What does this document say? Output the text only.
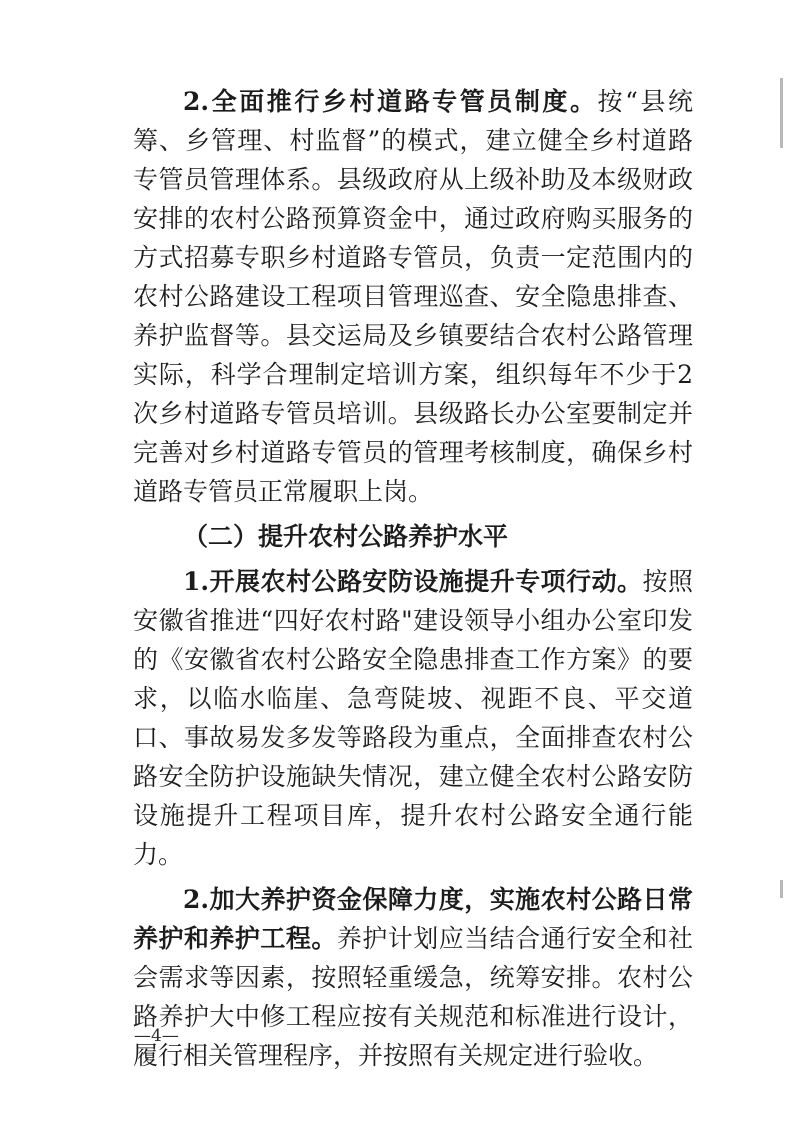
2.全面推行乡村道路专管员制度。按“县统筹、乡管理、村监督”的模式，建立健全乡村道路专管员管理体系。县级政府从上级补助及本级财政安排的农村公路预算资金中，通过政府购买服务的方式招募专职乡村道路专管员，负责一定范围内的农村公路建设工程项目管理巡查、安全隐患排查、养护监督等。县交运局及乡镇要结合农村公路管理实际，科学合理制定培训方案，组织每年不少于2次乡村道路专管员培训。县级路长办公室要制定并完善对乡村道路专管员的管理考核制度，确保乡村道路专管员正常履职上岗。

（二）提升农村公路养护水平

1.开展农村公路安防设施提升专项行动。按照安徽省推进“四好农村路"建设领导小组办公室印发的《安徽省农村公路安全隐患排查工作方案》的要求，以临水临崖、急弯陡坡、视距不良、平交道口、事故易发多发等路段为重点，全面排查农村公路安全防护设施缺失情况，建立健全农村公路安防设施提升工程项目库，提升农村公路安全通行能力。

2.加大养护资金保障力度，实施农村公路日常养护和养护工程。养护计划应当结合通行安全和社会需求等因素，按照轻重缓急，统筹安排。农村公路养护大中修工程应按有关规范和标准进行设计，履行相关管理程序，并按照有关规定进行验收。

—4—
